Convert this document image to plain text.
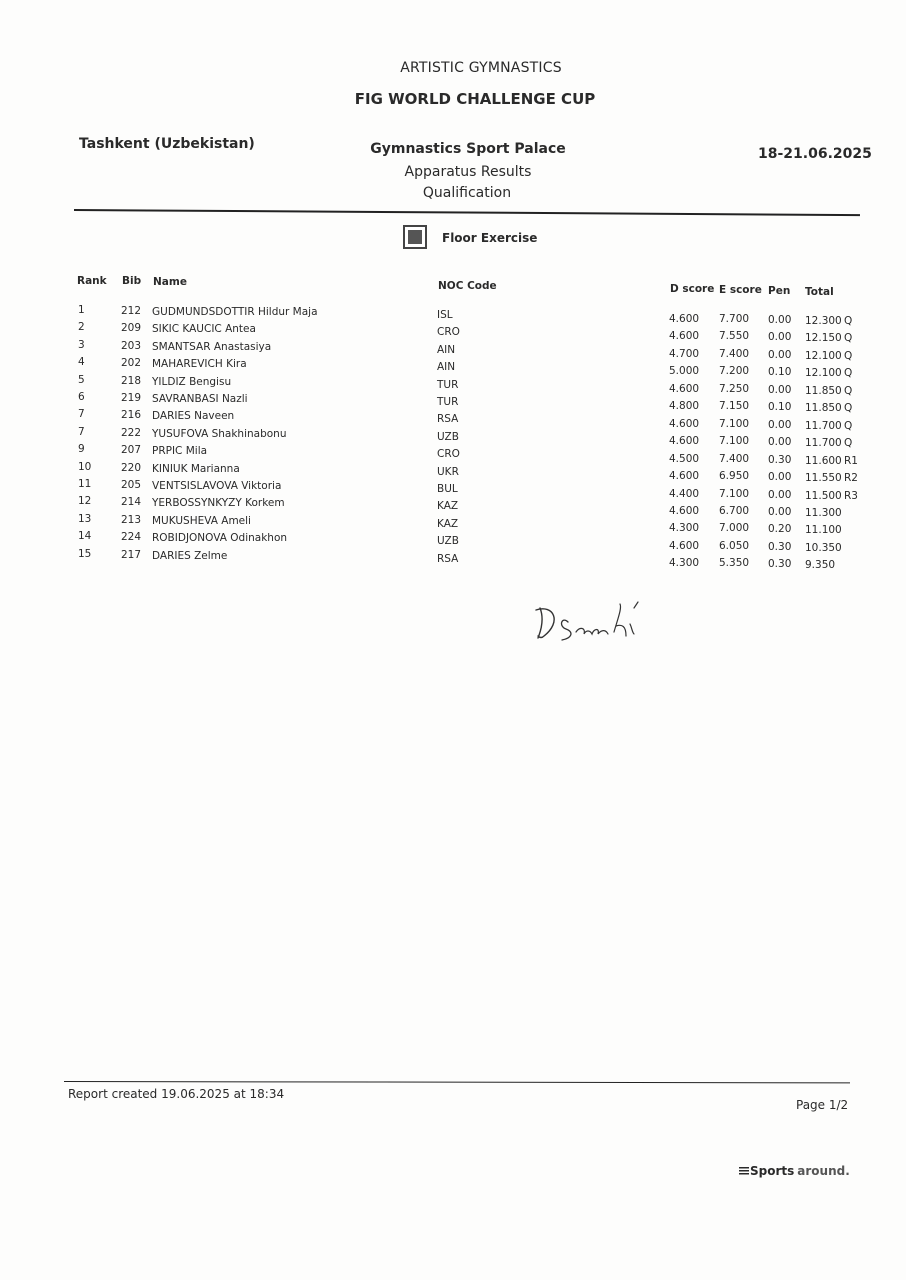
ARTISTIC GYMNASTICS
FIG WORLD CHALLENGE CUP
Tashkent (Uzbekistan)	Gymnastics Sport Palace	18-21.06.2025
Apparatus Results
Qualification
Floor Exercise
Rank Bib Name	NOC Code	D score E score Pen Total
1	212 GUDMUNDSDOTTIR Hildur Maja	ISL	4.600 7.700 0.00 12.300 Q
2	209 SIKIC KAUCIC Antea	CRO	4.600 7.550 0.00 12.150 Q
3	203 SMANTSAR Anastasiya	AIN	4.700 7.400 0.00 12.100 Q
4	202 MAHAREVICH Kira	AIN	5.000 7.200 0.10 12.100 Q
5	218 YILDIZ Bengisu	TUR	4.600 7.250 0.00 11.850 Q
6	219 SAVRANBASI Nazli	TUR	4.800 7.150 0.10 11.850 Q
7	216 DARIES Naveen	RSA	4.600 7.100 0.00 11.700 Q
7	222 YUSUFOVA Shakhinabonu	UZB	4.600 7.100 0.00 11.700 Q
9	207 PRPIC Mila	CRO	4.500 7.400 0.30 11.600 R1
10	220 KINIUK Marianna	UKR	4.600 6.950 0.00 11.550 R2
11	205 VENTSISLAVOVA Viktoria	BUL	4.400 7.100 0.00 11.500 R3
12	214 YERBOSSYNKYZY Korkem	KAZ	4.600 6.700 0.00 11.300
13	213 MUKUSHEVA Ameli	KAZ	4.300 7.000 0.20 11.100
14	224 ROBIDJONOVA Odinakhon	UZB	4.600 6.050 0.30 10.350
15	217 DARIES Zelme	RSA	4.300 5.350 0.30 9.350
Report created 19.06.2025 at 18:34
Page 1/2
Sports around.
